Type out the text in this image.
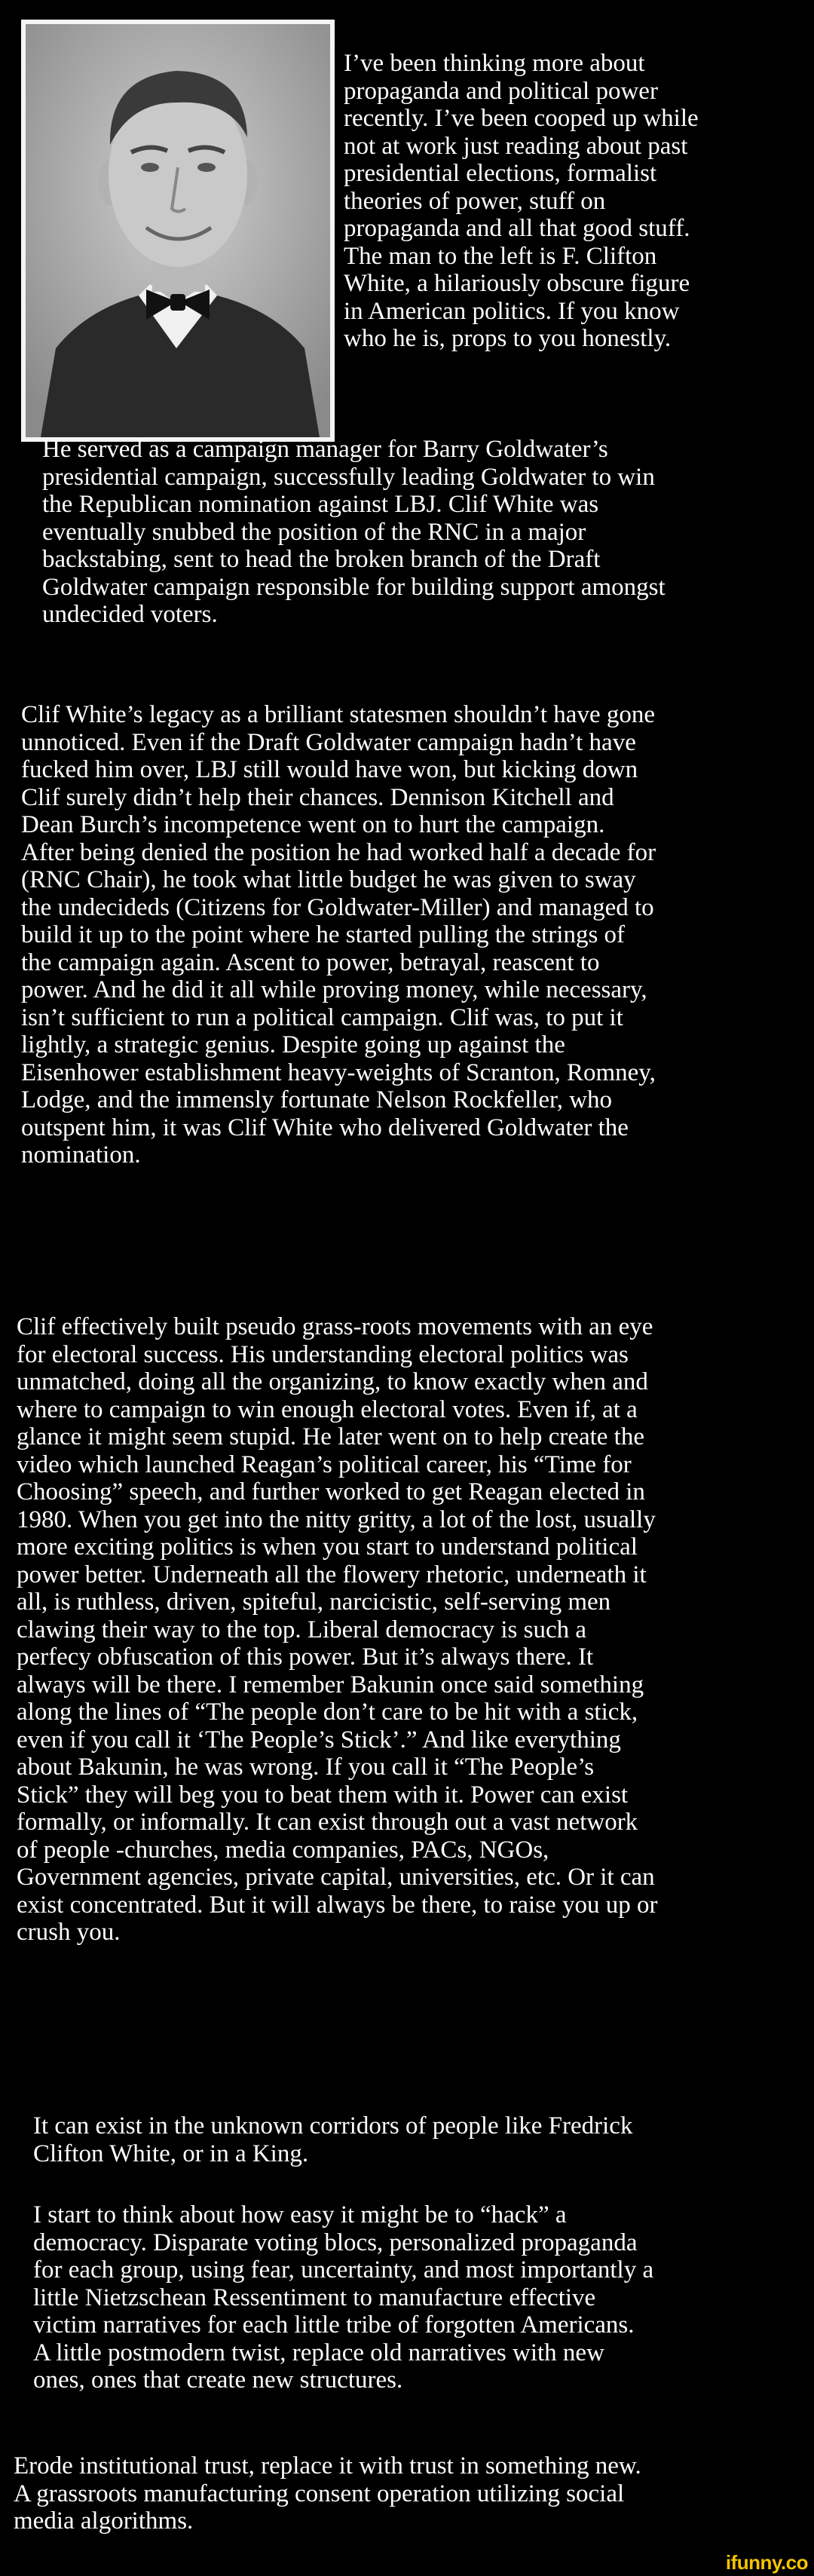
I’ve been thinking more about
propaganda and political power
recently. I’ve been cooped up while
not at work just reading about past
presidential elections, formalist
theories of power, stuff on
propaganda and all that good stuff.
The man to the left is F. Clifton
White, a hilariously obscure figure
in American politics. If you know
who he is, props to you honestly.

He served as a campaign manager for Barry Goldwater’s
presidential campaign, successfully leading Goldwater to win
the Republican nomination against LBJ. Clif White was
eventually snubbed the position of the RNC in a major
backstabing, sent to head the broken branch of the Draft
Goldwater campaign responsible for building support amongst
undecided voters.

Clif White’s legacy as a brilliant statesmen shouldn’t have gone
unnoticed. Even if the Draft Goldwater campaign hadn’t have
fucked him over, LBJ still would have won, but kicking down
Clif surely didn’t help their chances. Dennison Kitchell and
Dean Burch’s incompetence went on to hurt the campaign.
After being denied the position he had worked half a decade for
(RNC Chair), he took what little budget he was given to sway
the undecideds (Citizens for Goldwater-Miller) and managed to
build it up to the point where he started pulling the strings of
the campaign again. Ascent to power, betrayal, reascent to
power. And he did it all while proving money, while necessary,
isn’t sufficient to run a political campaign. Clif was, to put it
lightly, a strategic genius. Despite going up against the
Eisenhower establishment heavy-weights of Scranton, Romney,
Lodge, and the immensly fortunate Nelson Rockfeller, who
outspent him, it was Clif White who delivered Goldwater the
nomination.

Clif effectively built pseudo grass-roots movements with an eye
for electoral success. His understanding electoral politics was
unmatched, doing all the organizing, to know exactly when and
where to campaign to win enough electoral votes. Even if, at a
glance it might seem stupid. He later went on to help create the
video which launched Reagan’s political career, his “Time for
Choosing” speech, and further worked to get Reagan elected in
1980. When you get into the nitty gritty, a lot of the lost, usually
more exciting politics is when you start to understand political
power better. Underneath all the flowery rhetoric, underneath it
all, is ruthless, driven, spiteful, narcicistic, self-serving men
clawing their way to the top. Liberal democracy is such a
perfecy obfuscation of this power. But it’s always there. It
always will be there. I remember Bakunin once said something
along the lines of “The people don’t care to be hit with a stick,
even if you call it ‘The People’s Stick’.” And like everything
about Bakunin, he was wrong. If you call it “The People’s
Stick” they will beg you to beat them with it. Power can exist
formally, or informally. It can exist through out a vast network
of people -churches, media companies, PACs, NGOs,
Government agencies, private capital, universities, etc. Or it can
exist concentrated. But it will always be there, to raise you up or
crush you.

It can exist in the unknown corridors of people like Fredrick
Clifton White, or in a King.

I start to think about how easy it might be to “hack” a
democracy. Disparate voting blocs, personalized propaganda
for each group, using fear, uncertainty, and most importantly a
little Nietzschean Ressentiment to manufacture effective
victim narratives for each little tribe of forgotten Americans.
A little postmodern twist, replace old narratives with new
ones, ones that create new structures.

Erode institutional trust, replace it with trust in something new.
A grassroots manufacturing consent operation utilizing social
media algorithms.

ifunny.co
